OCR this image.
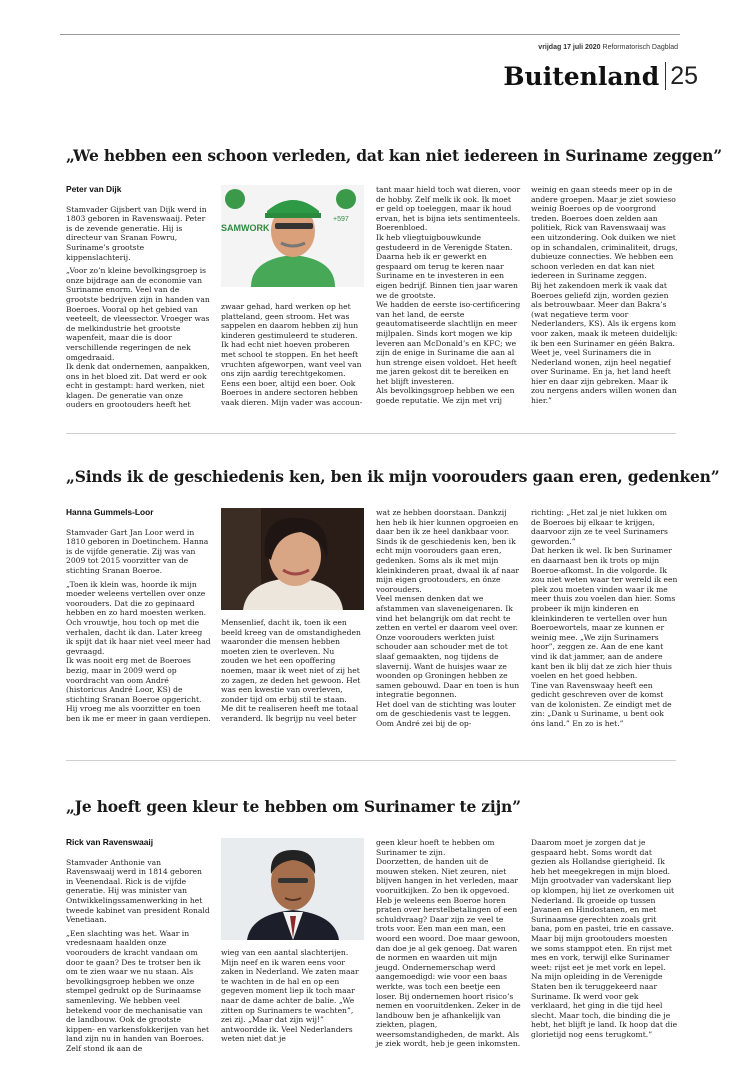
vrijdag 17 juli 2020 Reformatorisch Dagblad
Buitenland 25
„We hebben een schoon verleden, dat kan niet iedereen in Suriname zeggen”

Peter van Dijk

Stamvader Gijsbert van Dijk werd in 1803 geboren in Ravenswaaij. Peter is de zevende generatie. Hij is directeur van Sranan Fowru, Suriname’s grootste kippenslachterij.

„Voor zo’n kleine bevolkingsgroep is onze bijdrage aan de economie van Suriname enorm. Veel van de grootste bedrijven zijn in handen van Boeroes. Vooral op het gebied van veeteelt, de vleessector. Vroeger was de melkindustrie het grootste wapenfeit, maar die is door verschillende regeringen de nek omgedraaid.

Ik denk dat ondernemen, aanpakken, ons in het bloed zit. Dat werd er ook echt in gestampt: hard werken, niet klagen. De generatie van onze ouders en grootouders heeft het

SAMWORK
+597

zwaar gehad, hard werken op het platteland, geen stroom. Het was sappelen en daarom hebben zij hun kinderen gestimuleerd te studeren. Ik had echt niet hoeven proberen met school te stoppen. En het heeft vruchten afgeworpen, want veel van ons zijn aardig terechtgekomen. Eens een boer, altijd een boer. Ook Boeroes in andere sectoren hebben vaak dieren. Mijn vader was accoun-

tant maar hield toch wat dieren, voor de hobby. Zelf melk ik ook. Ik moet er geld op toeleggen, maar ik houd ervan, het is bijna iets sentimenteels. Boerenbloed.

Ik heb vliegtuigbouwkunde gestudeerd in de Verenigde Staten. Daarna heb ik er gewerkt en gespaard om terug te keren naar Suriname en te investeren in een eigen bedrijf. Binnen tien jaar waren we de grootste.

We hadden de eerste iso-certificering van het land, de eerste geautomatiseerde slachtlijn en meer mijlpalen. Sinds kort mogen we kip leveren aan McDonald’s en KFC; we zijn de enige in Suriname die aan al hun strenge eisen voldoet. Het heeft me jaren gekost dit te bereiken en het blijft investeren.

Als bevolkingsgroep hebben we een goede reputatie. We zijn met vrij

weinig en gaan steeds meer op in de andere groepen. Maar je ziet sowieso weinig Boeroes op de voorgrond treden. Boeroes doen zelden aan politiek, Rick van Ravenswaaij was een uitzondering. Ook duiken we niet op in schandalen, criminaliteit, drugs, dubieuze connecties. We hebben een schoon verleden en dat kan niet iedereen in Suriname zeggen.

Bij het zakendoen merk ik vaak dat Boeroes geliefd zijn, worden gezien als betrouwbaar. Meer dan Bakra’s (wat negatieve term voor Nederlanders, KS). Als ik ergens kom voor zaken, maak ik meteen duidelijk: ik ben een Surinamer en géén Bakra. Weet je, veel Surinamers die in Nederland wonen, zijn heel negatief over Suriname. En ja, het land heeft hier en daar zijn gebreken. Maar ik zou nergens anders willen wonen dan hier.”

„Sinds ik de geschiedenis ken, ben ik mijn voorouders gaan eren, gedenken”

Hanna Gummels-Loor

Stamvader Gart Jan Loor werd in 1810 geboren in Doetinchem. Hanna is de vijfde generatie. Zij was van 2009 tot 2015 voorzitter van de stichting Sranan Boeroe.

„Toen ik klein was, hoorde ik mijn moeder weleens vertellen over onze voorouders. Dat die zo gepinaard hebben en zo hard moesten werken. Och vrouwtje, hou toch op met die verhalen, dacht ik dan. Later kreeg ik spijt dat ik haar niet veel meer had gevraagd.

Ik was nooit erg met de Boeroes bezig, maar in 2009 werd op voordracht van oom André (historicus André Loor, KS) de stichting Sranan Boeroe opgericht. Hij vroeg me als voorzitter en toen ben ik me er meer in gaan verdiepen.

Mensenlief, dacht ik, toen ik een beeld kreeg van de omstandigheden waaronder die mensen hebben moeten zien te overleven. Nu zouden we het een opoffering noemen, maar ik weet niet of zij het zo zagen, ze deden het gewoon. Het was een kwestie van overleven, zonder tijd om erbij stil te staan.

Me dit te realiseren heeft me totaal veranderd. Ik begrijp nu veel beter

wat ze hebben doorstaan. Dankzij hen heb ik hier kunnen opgroeien en daar ben ik ze heel dankbaar voor. Sinds ik de geschiedenis ken, ben ik echt mijn voorouders gaan eren, gedenken. Soms als ik met mijn kleinkinderen praat, dwaal ik af naar mijn eigen grootouders, en ónze voorouders.

Veel mensen denken dat we afstammen van slaveneigenaren. Ik vind het belangrijk om dat recht te zetten en vertel er daarom veel over. Onze voorouders werkten juist schouder aan schouder met de tot slaaf gemaakten, nog tijdens de slavernij. Want de huisjes waar ze woonden op Groningen hebben ze samen gebouwd. Daar en toen is hun integratie begonnen.

Het doel van de stichting was louter om de geschiedenis vast te leggen. Oom André zei bij de op-

richting: „Het zal je niet lukken om de Boeroes bij elkaar te krijgen, daarvoor zijn ze te veel Surinamers geworden.”

Dat herken ik wel. Ik ben Surinamer en daarnaast ben ik trots op mijn Boeroe-afkomst. In die volgorde. Ik zou niet weten waar ter wereld ik een plek zou moeten vinden waar ik me meer thuis zou voelen dan hier. Soms probeer ik mijn kinderen en kleinkinderen te vertellen over hun Boeroewortels, maar ze kunnen er weinig mee. „We zijn Surinamers hoor”, zeggen ze. Aan de ene kant vind ik dat jammer, aan de andere kant ben ik blij dat ze zich hier thuis voelen en het goed hebben.

Tine van Ravenswaay heeft een gedicht geschreven over de komst van de kolonisten. Ze eindigt met de zin: „Dank u Suriname, u bent ook óns land.” En zo is het.”

„Je hoeft geen kleur te hebben om Surinamer te zijn”

Rick van Ravenswaaij

Stamvader Anthonie van Ravenswaaij werd in 1814 geboren in Veenendaal. Rick is de vijfde generatie. Hij was minister van Ontwikkelingssamenwerking in het tweede kabinet van president Ronald Venetiaan.

„Een slachting was het. Waar in vredesnaam haalden onze voorouders de kracht vandaan om door te gaan? Des te trotser ben ik om te zien waar we nu staan. Als bevolkingsgroep hebben we onze stempel gedrukt op de Surinaamse samenleving. We hebben veel betekend voor de mechanisatie van de landbouw. Ook de grootste kippen- en varkensfokkerijen van het land zijn nu in handen van Boeroes. Zelf stond ik aan de

wieg van een aantal slachterijen. Mijn neef en ik waren eens voor zaken in Nederland. We zaten maar te wachten in de hal en op een gegeven moment liep ik toch maar naar de dame achter de balie. „We zitten op Surinamers te wachten”, zei zij. „Maar dat zijn wij!” antwoordde ik. Veel Nederlanders weten niet dat je

geen kleur hoeft te hebben om Surinamer te zijn.

Doorzetten, de handen uit de mouwen steken. Niet zeuren, niet blijven hangen in het verleden, maar vooruitkijken. Zo ben ik opgevoed. Heb je weleens een Boeroe horen praten over herstelbetalingen of een schuldvraag? Daar zijn ze veel te trots voor. Een man een man, een woord een woord. Doe maar gewoon, dan doe je al gek genoeg. Dat waren de normen en waarden uit mijn jeugd. Ondernemerschap werd aangemoedigd: wie voor een baas werkte, was toch een beetje een loser. Bij ondernemen hoort risico’s nemen en vooruitdenken. Zeker in de landbouw ben je afhankelijk van ziekten, plagen, weersomstandigheden, de markt. Als je ziek wordt, heb je geen inkomsten.

Daarom moet je zorgen dat je gespaard hebt. Soms wordt dat gezien als Hollandse gierigheid. Ik heb het meegekregen in mijn bloed.

Mijn grootvader van vaderskant liep op klompen, hij liet ze overkomen uit Nederland. Ik groeide op tussen Javanen en Hindostanen, en met Surinaamse gerechten zoals grit bana, pom en pastei, trie en cassave. Maar bij mijn grootouders moesten we soms stamppot eten. En rijst met mes en vork, terwijl elke Surinamer weet: rijst eet je met vork en lepel.

Na mijn opleiding in de Verenigde Staten ben ik teruggekeerd naar Suriname. Ik werd voor gek verklaard, het ging in die tijd heel slecht. Maar toch, die binding die je hebt, het blijft je land. Ik hoop dat die glorietijd nog eens terugkomt.”
